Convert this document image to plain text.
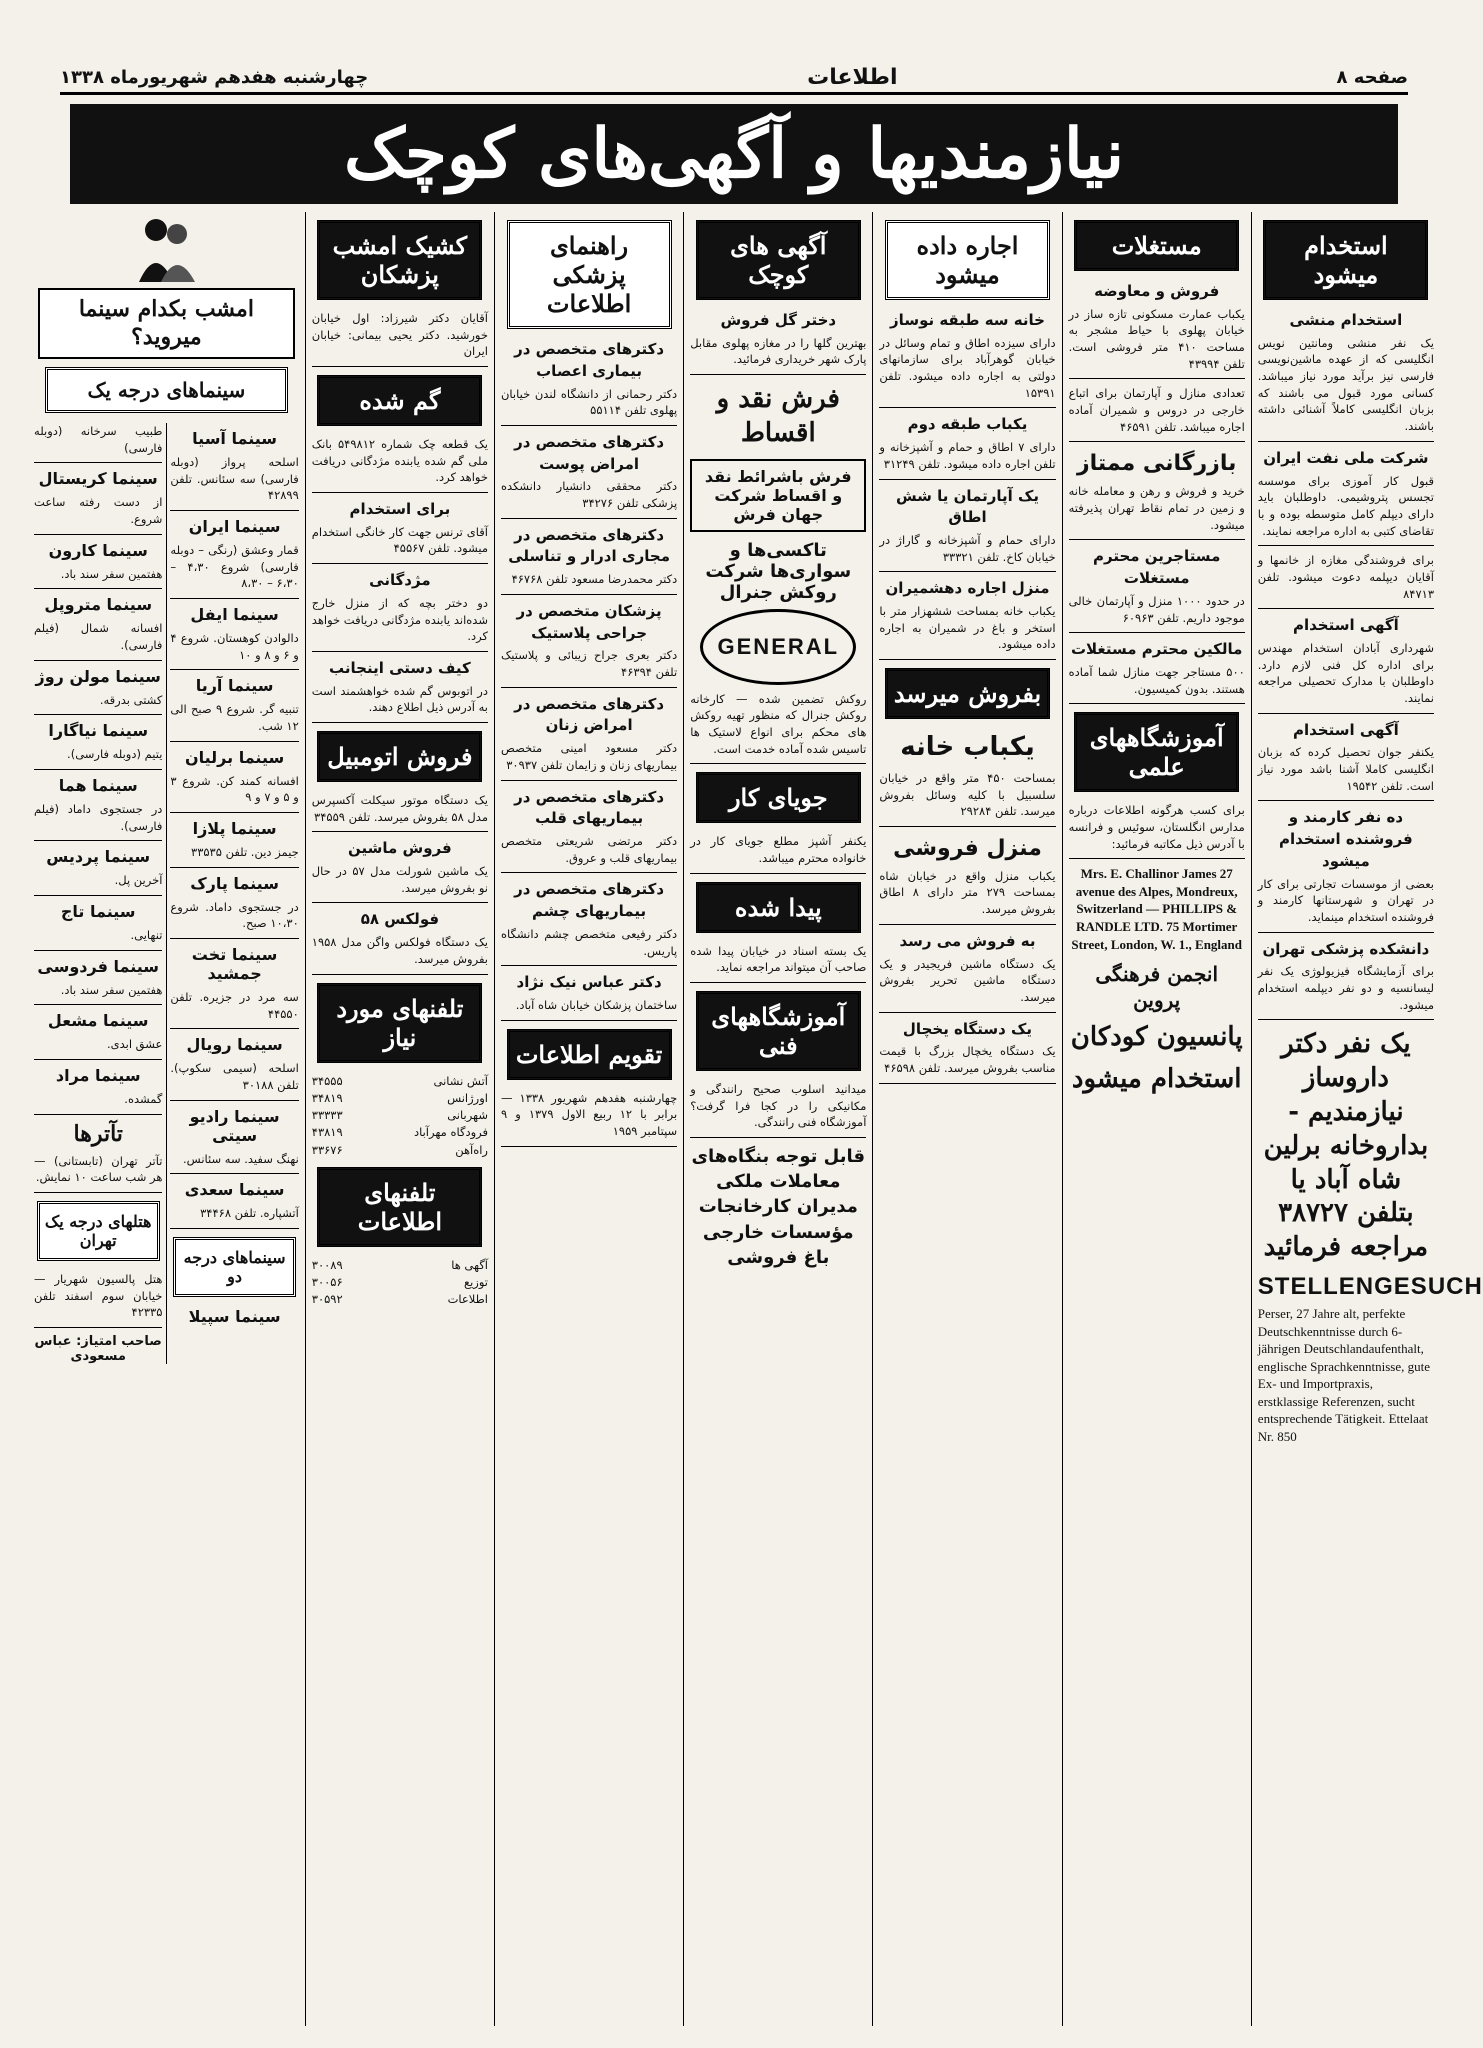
صفحه ۸
اطلاعات
چهارشنبه هفدهم شهریورماه ۱۳۳۸
نیازمندیها و آگهی‌های کوچک
استخدام میشود
استخدام منشی
یک نفر منشی ومانتین نویس انگلیسی که از عهده ماشین‌نویسی فارسی نیز برآید مورد نیاز میباشد. کسانی مورد قبول می باشند که بزبان انگلیسی کاملاً آشنائی داشته باشند.
شرکت ملی نفت ایران
قبول کار آموزی برای موسسه تجسس پتروشیمی. داوطلبان باید دارای دیپلم کامل متوسطه بوده و با تقاضای کتبی به اداره مراجعه نمایند.
برای فروشندگی مغازه از خانمها و آقایان دیپلمه دعوت میشود. تلفن ۸۴۷۱۳
آگهی استخدام
شهرداری آبادان استخدام مهندس برای اداره کل فنی لازم دارد. داوطلبان با مدارک تحصیلی مراجعه نمایند.
آگهی استخدام
یکنفر جوان تحصیل کرده که بزبان انگلیسی کاملا آشنا باشد مورد نیاز است. تلفن ۱۹۵۴۲
ده نفر کارمند و فروشنده استخدام میشود
بعضی از موسسات تجارتی برای کار در تهران و شهرستانها کارمند و فروشنده استخدام مینماید.
دانشکده پزشکی تهران
برای آزمایشگاه فیزیولوژی یک نفر لیسانسیه و دو نفر دیپلمه استخدام میشود.
یک نفر دکتر داروساز نیازمندیم - بداروخانه برلین شاه آباد یا بتلفن ۳۸۷۲۷ مراجعه فرمائید
STELLENGESUCH
Perser, 27 Jahre alt, perfekte Deutschkenntnisse durch 6-jährigen Deutschlandaufenthalt, englische Sprachkenntnisse, gute Ex- und Importpraxis, erstklassige Referenzen, sucht entsprechende Tätigkeit. Ettelaat Nr. 850
مستغلات
فروش و معاوضه
یکباب عمارت مسکونی تازه ساز در خیابان پهلوی با حیاط مشجر به مساحت ۴۱۰ متر فروشی است. تلفن ۴۳۹۹۴
تعدادی منازل و آپارتمان برای اتباع خارجی در دروس و شمیران آماده اجاره میباشد. تلفن ۴۶۵۹۱
بازرگانی ممتاز
خرید و فروش و رهن و معامله خانه و زمین در تمام نقاط تهران پذیرفته میشود.
مستاجرین محترم مستغلات
در حدود ۱۰۰۰ منزل و آپارتمان خالی موجود داریم. تلفن ۶۰۹۶۳
مالکین محترم مستغلات
۵۰۰ مستاجر جهت منازل شما آماده هستند. بدون کمیسیون.
آموزشگاههای علمی
برای کسب هرگونه اطلاعات درباره مدارس انگلستان، سوئیس و فرانسه با آدرس ذیل مکاتبه فرمائید:
Mrs. E. Challinor James 27 avenue des Alpes, Mondreux, Switzerland — PHILLIPS & RANDLE LTD. 75 Mortimer Street, London, W. 1., England
انجمن فرهنگی پروین
پانسیون کودکان
استخدام میشود
اجاره داده میشود
خانه سه طبقه نوساز
دارای سیزده اطاق و تمام وسائل در خیابان گوهرآباد برای سازمانهای دولتی به اجاره داده میشود. تلفن ۱۵۳۹۱
یکباب طبقه دوم
دارای ۷ اطاق و حمام و آشپزخانه و تلفن اجاره داده میشود. تلفن ۳۱۲۴۹
یک آپارتمان یا شش اطاق
دارای حمام و آشپزخانه و گاراژ در خیابان کاخ. تلفن ۳۳۳۲۱
منزل اجاره دهشمیران
یکباب خانه بمساحت ششهزار متر با استخر و باغ در شمیران به اجاره داده میشود.
بفروش میرسد
یکباب خانه
بمساحت ۴۵۰ متر واقع در خیابان سلسبیل با کلیه وسائل بفروش میرسد. تلفن ۲۹۲۸۴
منزل فروشی
یکباب منزل واقع در خیابان شاه بمساحت ۲۷۹ متر دارای ۸ اطاق بفروش میرسد.
به فروش می رسد
یک دستگاه ماشین فریجیدر و یک دستگاه ماشین تحریر بفروش میرسد.
یک دستگاه یخچال
یک دستگاه یخچال بزرگ با قیمت مناسب بفروش میرسد. تلفن ۴۶۵۹۸
آگهی های کوچک
دختر گل فروش
بهترین گلها را در مغازه پهلوی مقابل پارک شهر خریداری فرمائید.
فرش نقد و اقساط
فرش باشرائط نقد و اقساط شرکت جهان فرش
تاکسی‌ها و سواری‌ها شرکت روکش جنرال
GENERAL
روکش تضمین شده — کارخانه روکش جنرال که منظور تهیه روکش های محکم برای انواع لاستیک ها تاسیس شده آماده خدمت است.
جویای کار
یکنفر آشپز مطلع جویای کار در خانواده محترم میباشد.
پیدا شده
یک بسته اسناد در خیابان پیدا شده صاحب آن میتواند مراجعه نماید.
آموزشگاههای فنی
میدانید اسلوب صحیح رانندگی و مکانیکی را در کجا فرا گرفت؟ آموزشگاه فنی رانندگی.
قابل توجه بنگاه‌های معاملات ملکی مدیران کارخانجات مؤسسات خارجی باغ فروشی
راهنمای پزشکی اطلاعات
دکترهای متخصص در بیماری اعصاب
دکتر رحمانی از دانشگاه لندن خیابان پهلوی تلفن ۵۵۱۱۴
دکترهای متخصص در امراض پوست
دکتر محققی دانشیار دانشکده پزشکی تلفن ۳۴۲۷۶
دکترهای متخصص در مجاری ادرار و تناسلی
دکتر محمدرضا مسعود تلفن ۴۶۷۶۸
پزشکان متخصص در جراحی پلاستیک
دکتر بعری جراح زیبائی و پلاستیک تلفن ۴۶۳۹۴
دکترهای متخصص در امراض زنان
دکتر مسعود امینی متخصص بیماریهای زنان و زایمان تلفن ۳۰۹۳۷
دکترهای متخصص در بیماریهای قلب
دکتر مرتضی شریعتی متخصص بیماریهای قلب و عروق.
دکترهای متخصص در بیماریهای چشم
دکتر رفیعی متخصص چشم دانشگاه پاریس.
دکتر عباس نیک نژاد
ساختمان پزشکان خیابان شاه آباد.
تقویم اطلاعات
چهارشنبه هفدهم شهریور ۱۳۳۸ — برابر با ۱۲ ربیع الاول ۱۳۷۹ و ۹ سپتامبر ۱۹۵۹
کشیک امشب پزشکان
آقایان دکتر شیرزاد: اول خیابان خورشید. دکتر یحیی بیمانی: خیابان ایران
گم شده
یک قطعه چک شماره ۵۴۹۸۱۲ بانک ملی گم شده یابنده مژدگانی دریافت خواهد کرد.
برای استخدام
آقای ترنس جهت کار خانگی استخدام میشود. تلفن ۴۵۵۶۷
مژدگانی
دو دختر بچه که از منزل خارج شده‌اند یابنده مژدگانی دریافت خواهد کرد.
کیف دستی اینجانب
در اتوبوس گم شده خواهشمند است به آدرس ذیل اطلاع دهند.
فروش اتومبیل
یک دستگاه موتور سیکلت آکسپرس مدل ۵۸ بفروش میرسد. تلفن ۳۴۵۵۹
فروش ماشین
یک ماشین شورلت مدل ۵۷ در حال نو بفروش میرسد.
فولکس ۵۸
یک دستگاه فولکس واگن مدل ۱۹۵۸ بفروش میرسد.
تلفنهای مورد نیاز
آتش نشانی
۳۴۵۵۵
اورژانس
۳۴۸۱۹
شهربانی
۳۳۳۳۳
فرودگاه مهرآباد
۴۳۸۱۹
راه‌آهن
۳۳۶۷۶
تلفنهای اطلاعات
آگهی ها
۳۰۰۸۹
توزیع
۳۰۰۵۶
اطلاعات
۳۰۵۹۲
امشب بکدام سینما میروید؟
سینماهای درجه یک
سینما آسیا
اسلحه پرواز (دوبله فارسی) سه سئانس. تلفن ۴۲۸۹۹
سینما ایران
قمار وعشق (رنگی – دوبله فارسی) شروع ۴،۳۰ – ۶،۳۰ – ۸،۳۰
سینما ایفل
دالوادن کوهستان. شروع ۴ و ۶ و ۸ و ۱۰
سینما آریا
تنبیه گر. شروع ۹ صبح الی ۱۲ شب.
سینما برلیان
افسانه کمند کن. شروع ۳ و ۵ و ۷ و ۹
سینما پلازا
جیمز دین. تلفن ۳۳۵۳۵
سینما پارک
در جستجوی داماد. شروع ۱۰،۳۰ صبح.
سینما تخت جمشید
سه مرد در جزیره. تلفن ۴۴۵۵۰
سینما رویال
اسلحه (سیمی سکوپ). تلفن ۳۰۱۸۸
سینما رادیو سیتی
نهنگ سفید. سه سئانس.
سینما سعدی
آتشپاره. تلفن ۳۴۴۶۸
سینماهای درجه دو
سینما سپیلا
طبیب سرخانه (دوبله فارسی)
سینما کریستال
از دست رفته ساعت شروع.
سینما کارون
هفتمین سفر سند باد.
سینما متروپل
افسانه شمال (فیلم فارسی).
سینما مولن روژ
کشتی بدرقه.
سینما نیاگارا
یتیم (دوبله فارسی).
سینما هما
در جستجوی داماد (فیلم فارسی).
سینما پردیس
آخرین پل.
سینما تاج
تنهایی.
سینما فردوسی
هفتمین سفر سند باد.
سینما مشعل
عشق ابدی.
سینما مراد
گمشده.
تآترها
تآتر تهران (تابستانی) — هر شب ساعت ۱۰ نمایش.
هتلهای درجه یک تهران
هتل پالسیون شهریار — خیابان سوم اسفند تلفن ۴۲۳۳۵
صاحب امتیاز: عباس مسعودی
